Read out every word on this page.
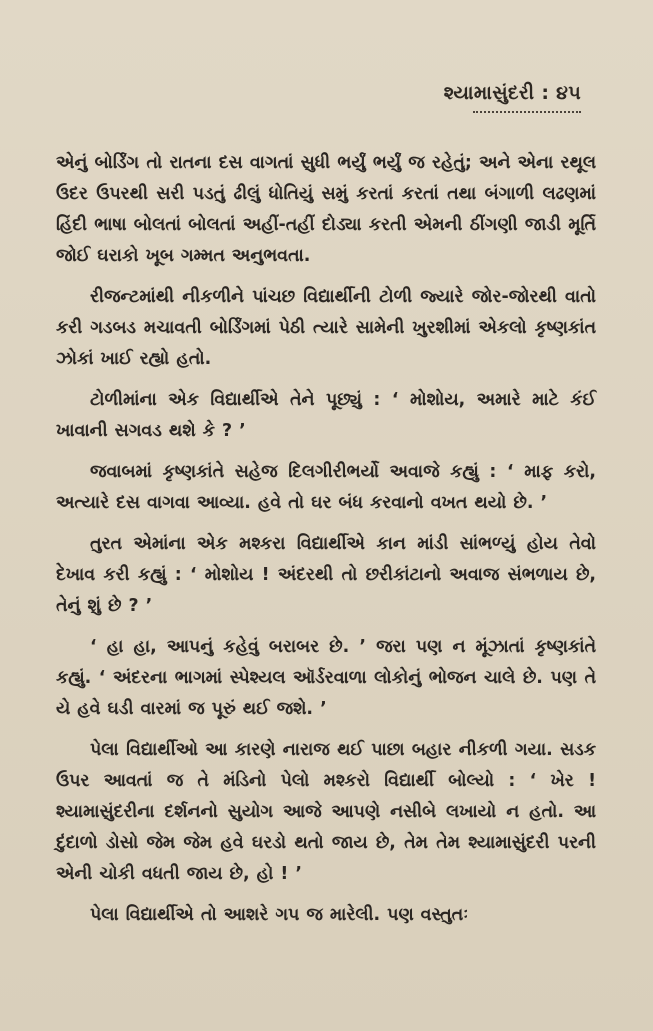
શ્યામાસુંદરી : ૪૫

એનું બોર્ડિંગ તો રાતના દસ વાગતાં સુધી ભર્યું ભર્યું જ રહેતું; અને એના રથૂલ ઉદર ઉપરથી સરી પડતું ઢીલું ધોતિયું સમું કરતાં કરતાં તથા બંગાળી લઢણમાં હિંદી ભાષા બોલતાં બોલતાં અહીં-તહીં દોડ્યા કરતી એમની ઠીંગણી જાડી મૂર્તિ જોઈ ઘરાકો ખૂબ ગમ્મત અનુભવતા.

રીજન્ટમાંથી નીકળીને પાંચછ વિદ્યાર્થીની ટોળી જ્યારે જોર-જોરથી વાતો કરી ગડબડ મચાવતી બોર્ડિંગમાં પેઠી ત્યારે સામેની ખુરશીમાં એકલો કૃષ્ણકાંત ઝોકાં ખાઈ રહ્યો હતો.

ટોળીમાંના એક વિદ્યાર્થીએ તેને પૂછ્યું : ‘ મોશોય, અમારે માટે કંઈ ખાવાની સગવડ થશે કે ? ’

જવાબમાં કૃષ્ણકાંતે સહેજ દિલગીરીભર્યો અવાજે કહ્યું : ‘ માફ કરો, અત્યારે દસ વાગવા આવ્યા. હવે તો ઘર બંધ કરવાનો વખત થયો છે. ’

તુરત એમાંના એક મશ્કરા વિદ્યાર્થીએ કાન માંડી સાંભળ્યું હોય તેવો દેખાવ કરી કહ્યું : ‘ મોશોય ! અંદરથી તો છરીકાંટાનો અવાજ સંભળાય છે, તેનું શું છે ? ’

‘ હા હા, આપનું કહેવું બરાબર છે. ’ જરા પણ ન મૂંઝાતાં કૃષ્ણકાંતે કહ્યું. ‘ અંદરના ભાગમાં સ્પેશ્યલ ઑર્ડરવાળા લોકોનું ભોજન ચાલે છે. પણ તે યે હવે ઘડી વારમાં જ પૂરું થઈ જશે. ’

પેલા વિદ્યાર્થીઓ આ કારણે નારાજ થઈ પાછા બહાર નીકળી ગયા. સડક ઉપર આવતાં જ તે મંડિનો પેલો મશ્કરો વિદ્યાર્થી બોલ્યો : ‘ ખેર ! શ્યામાસુંદરીના દર્શનનો સુયોગ આજે આપણે નસીબે લખાયો ન હતો. આ દુંદાળો ડોસો જેમ જેમ હવે ઘરડો થતો જાય છે, તેમ તેમ શ્યામાસુંદરી પરની એની ચોકી વધતી જાય છે, હો ! ’

પેલા વિદ્યાર્થીએ તો આશરે ગપ જ મારેલી. પણ વસ્તુતઃ
